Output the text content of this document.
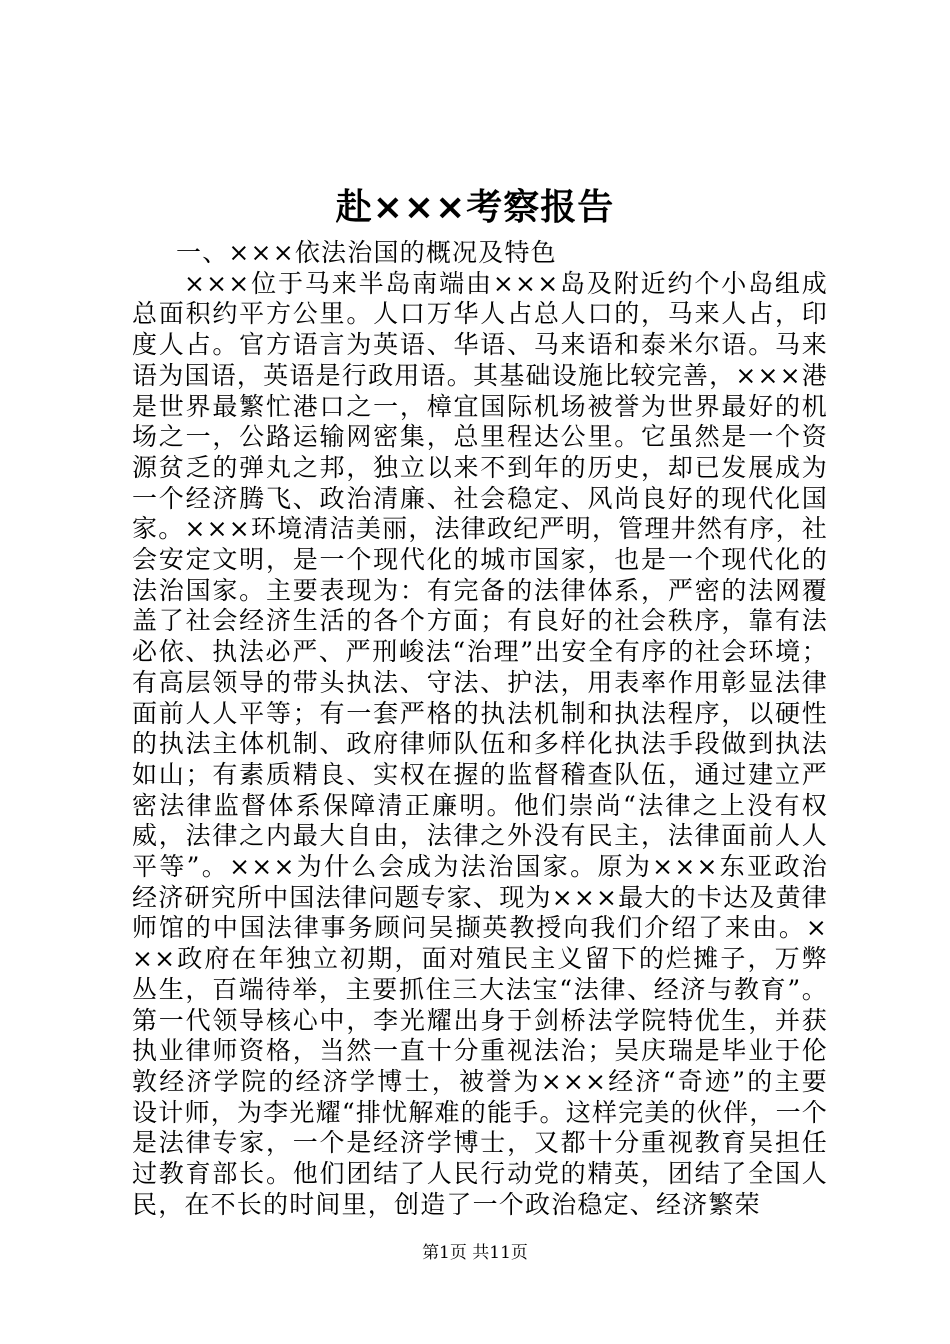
赴×××考察报告

一、×××依法治国的概况及特色

×××位于马来半岛南端由×××岛及附近约个小岛组成总面积约平方公里。人口万华人占总人口的，马来人占，印度人占。官方语言为英语、华语、马来语和泰米尔语。马来语为国语，英语是行政用语。其基础设施比较完善，×××港是世界最繁忙港口之一，樟宜国际机场被誉为世界最好的机场之一，公路运输网密集，总里程达公里。它虽然是一个资源贫乏的弹丸之邦，独立以来不到年的历史，却已发展成为一个经济腾飞、政治清廉、社会稳定、风尚良好的现代化国家。×××环境清洁美丽，法律政纪严明，管理井然有序，社会安定文明，是一个现代化的城市国家，也是一个现代化的法治国家。主要表现为：有完备的法律体系，严密的法网覆盖了社会经济生活的各个方面；有良好的社会秩序，靠有法必依、执法必严、严刑峻法“治理”出安全有序的社会环境；有高层领导的带头执法、守法、护法，用表率作用彰显法律面前人人平等；有一套严格的执法机制和执法程序，以硬性的执法主体机制、政府律师队伍和多样化执法手段做到执法如山；有素质精良、实权在握的监督稽查队伍，通过建立严密法律监督体系保障清正廉明。他们崇尚“法律之上没有权威，法律之内最大自由，法律之外没有民主，法律面前人人平等”。×××为什么会成为法治国家。原为×××东亚政治经济研究所中国法律问题专家、现为×××最大的卡达及黄律师馆的中国法律事务顾问吴撷英教授向我们介绍了来由。×××政府在年独立初期，面对殖民主义留下的烂摊子，万弊丛生，百端待举，主要抓住三大法宝“法律、经济与教育”。第一代领导核心中，李光耀出身于剑桥法学院特优生，并获执业律师资格，当然一直十分重视法治；吴庆瑞是毕业于伦敦经济学院的经济学博士，被誉为×××经济“奇迹”的主要设计师，为李光耀“排忧解难的能手。这样完美的伙伴，一个是法律专家，一个是经济学博士，又都十分重视教育吴担任过教育部长。他们团结了人民行动党的精英，团结了全国人民，在不长的时间里，创造了一个政治稳定、经济繁荣

第1页 共11页
